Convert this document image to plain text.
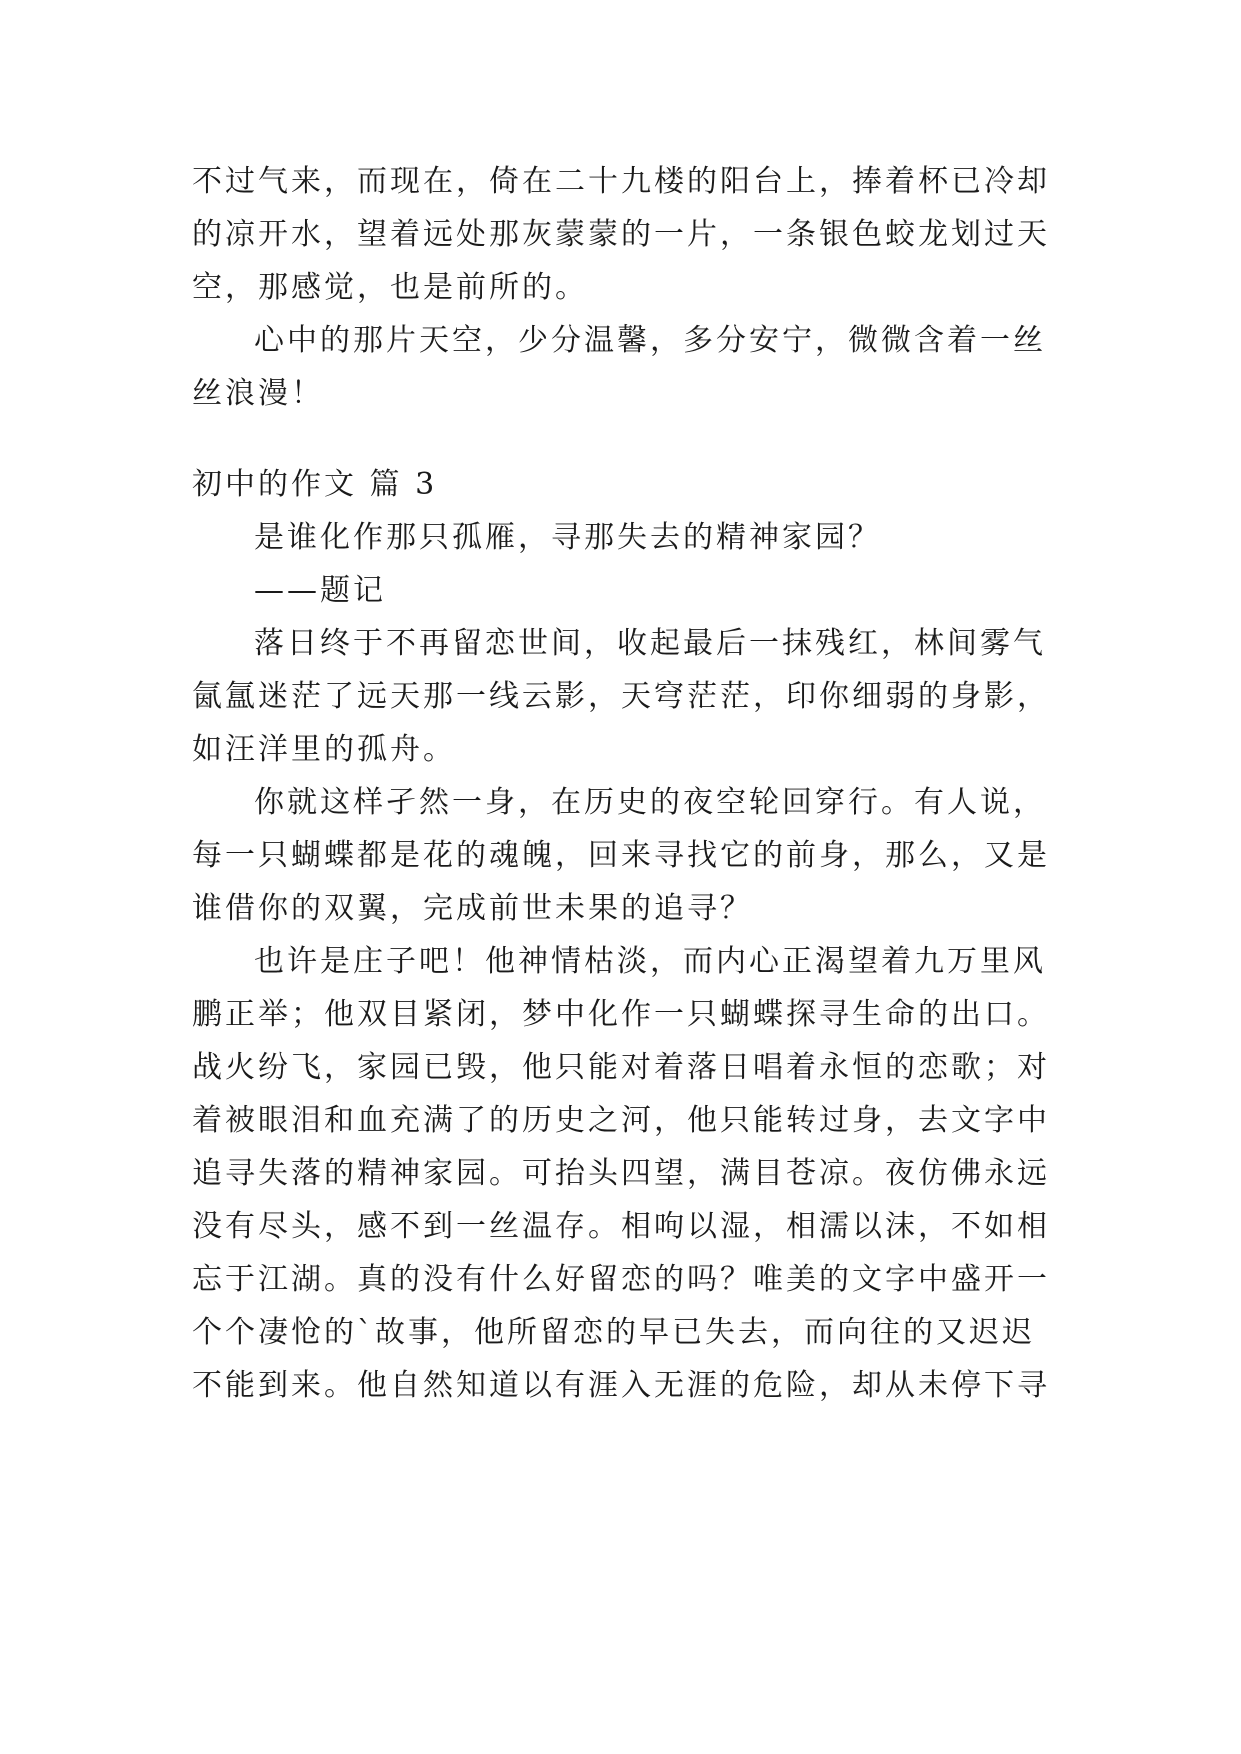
不过气来，而现在，倚在二十九楼的阳台上，捧着杯已冷却
的凉开水，望着远处那灰蒙蒙的一片，一条银色蛟龙划过天
空，那感觉，也是前所的。
心中的那片天空，少分温馨，多分安宁，微微含着一丝
丝浪漫！
初中的作文 篇 3
是谁化作那只孤雁，寻那失去的精神家园？
——题记
落日终于不再留恋世间，收起最后一抹残红，林间雾气
氤氲迷茫了远天那一线云影，天穹茫茫，印你细弱的身影，
如汪洋里的孤舟。
你就这样孑然一身，在历史的夜空轮回穿行。有人说，
每一只蝴蝶都是花的魂魄，回来寻找它的前身，那么，又是
谁借你的双翼，完成前世未果的追寻？
也许是庄子吧！他神情枯淡，而内心正渴望着九万里风
鹏正举；他双目紧闭，梦中化作一只蝴蝶探寻生命的出口。
战火纷飞，家园已毁，他只能对着落日唱着永恒的恋歌；对
着被眼泪和血充满了的历史之河，他只能转过身，去文字中
追寻失落的精神家园。可抬头四望，满目苍凉。夜仿佛永远
没有尽头，感不到一丝温存。相呴以湿，相濡以沫，不如相
忘于江湖。真的没有什么好留恋的吗？唯美的文字中盛开一
个个凄怆的`故事，他所留恋的早已失去，而向往的又迟迟
不能到来。他自然知道以有涯入无涯的危险，却从未停下寻
